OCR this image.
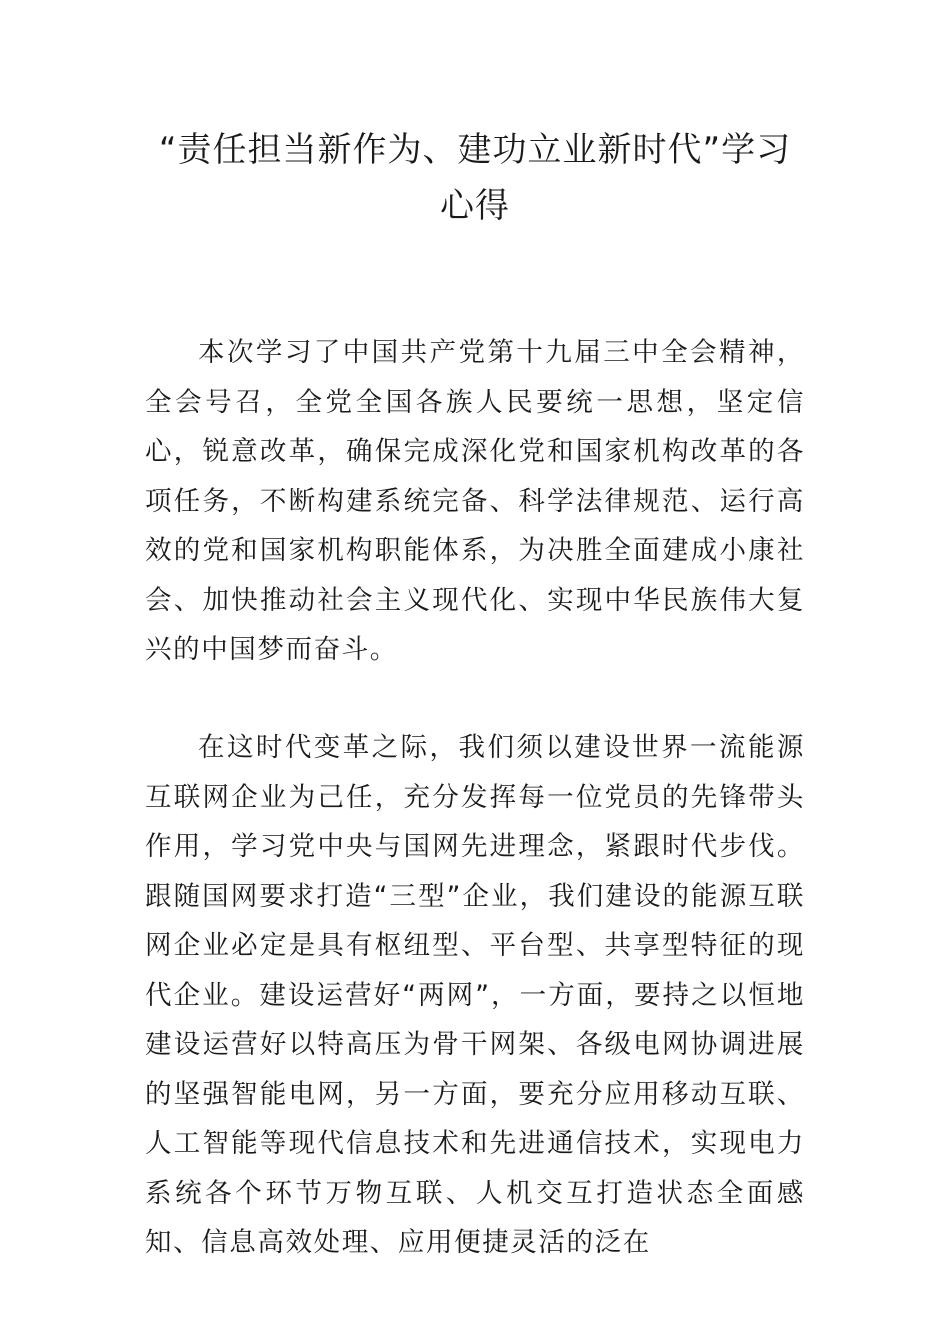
“责任担当新作为、建功立业新时代”学习心得

本次学习了中国共产党第十九届三中全会精神，全会号召，全党全国各族人民要统一思想，坚定信心，锐意改革，确保完成深化党和国家机构改革的各项任务，不断构建系统完备、科学法律规范、运行高效的党和国家机构职能体系，为决胜全面建成小康社会、加快推动社会主义现代化、实现中华民族伟大复兴的中国梦而奋斗。

在这时代变革之际，我们须以建设世界一流能源互联网企业为己任，充分发挥每一位党员的先锋带头作用，学习党中央与国网先进理念，紧跟时代步伐。跟随国网要求打造“三型”企业，我们建设的能源互联网企业必定是具有枢纽型、平台型、共享型特征的现代企业。建设运营好“两网”，一方面，要持之以恒地建设运营好以特高压为骨干网架、各级电网协调进展的坚强智能电网，另一方面，要充分应用移动互联、人工智能等现代信息技术和先进通信技术，实现电力系统各个环节万物互联、人机交互打造状态全面感知、信息高效处理、应用便捷灵活的泛在
